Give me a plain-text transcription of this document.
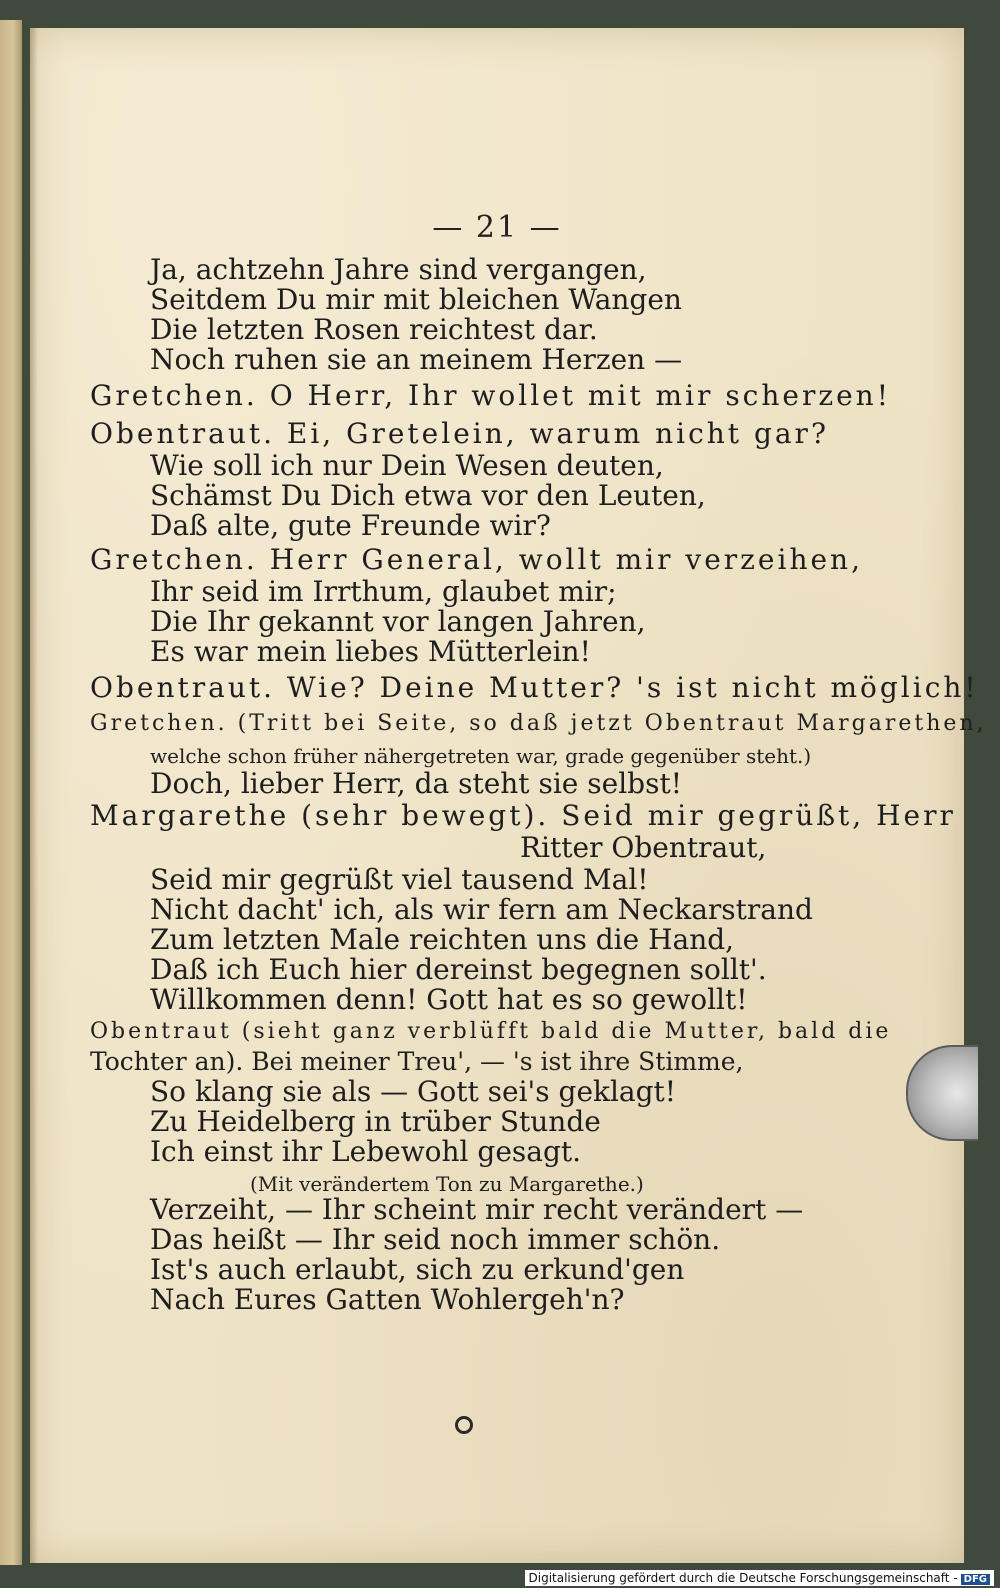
— 21 —
Ja, achtzehn Jahre sind vergangen,
Seitdem Du mir mit bleichen Wangen
Die letzten Rosen reichtest dar.
Noch ruhen sie an meinem Herzen —
Gretchen. O Herr, Ihr wollet mit mir scherzen!
Obentraut. Ei, Gretelein, warum nicht gar?
Wie soll ich nur Dein Wesen deuten,
Schämst Du Dich etwa vor den Leuten,
Daß alte, gute Freunde wir?
Gretchen. Herr General, wollt mir verzeihen,
Ihr seid im Irrthum, glaubet mir;
Die Ihr gekannt vor langen Jahren,
Es war mein liebes Mütterlein!
Obentraut. Wie? Deine Mutter? 's ist nicht möglich!
Gretchen. (Tritt bei Seite, so daß jetzt Obentraut Margarethen,
welche schon früher nähergetreten war, grade gegenüber steht.)
Doch, lieber Herr, da steht sie selbst!
Margarethe (sehr bewegt). Seid mir gegrüßt, Herr
Ritter Obentraut,
Seid mir gegrüßt viel tausend Mal!
Nicht dacht' ich, als wir fern am Neckarstrand
Zum letzten Male reichten uns die Hand,
Daß ich Euch hier dereinst begegnen sollt'.
Willkommen denn! Gott hat es so gewollt!
Obentraut (sieht ganz verblüfft bald die Mutter, bald die
Tochter an). Bei meiner Treu', — 's ist ihre Stimme,
So klang sie als — Gott sei's geklagt!
Zu Heidelberg in trüber Stunde
Ich einst ihr Lebewohl gesagt.
(Mit verändertem Ton zu Margarethe.)
Verzeiht, — Ihr scheint mir recht verändert —
Das heißt — Ihr seid noch immer schön.
Ist's auch erlaubt, sich zu erkund'gen
Nach Eures Gatten Wohlergeh'n?
Digitalisierung gefördert durch die Deutsche Forschungsgemeinschaft - DFG
